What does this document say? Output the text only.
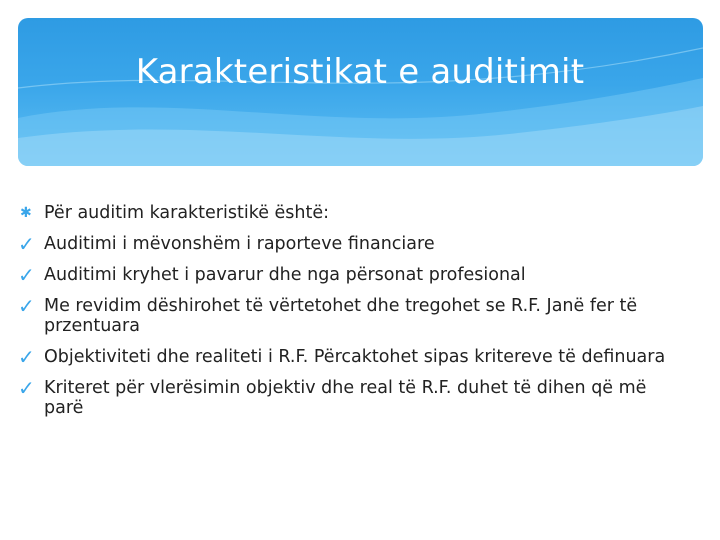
Karakteristikat e auditimit
✱ Për auditim karakteristikë është:
✓ Auditimi i mëvonshëm i raporteve financiare
✓ Auditimi kryhet i pavarur dhe nga përsonat profesional
✓ Me revidim dëshirohet të vërtetohet dhe tregohet se R.F. Janë fer të przentuara
✓ Objektiviteti dhe realiteti i R.F. Përcaktohet sipas kritereve të definuara
✓ Kriteret për vlerësimin objektiv dhe real të R.F. duhet të dihen që më parë
